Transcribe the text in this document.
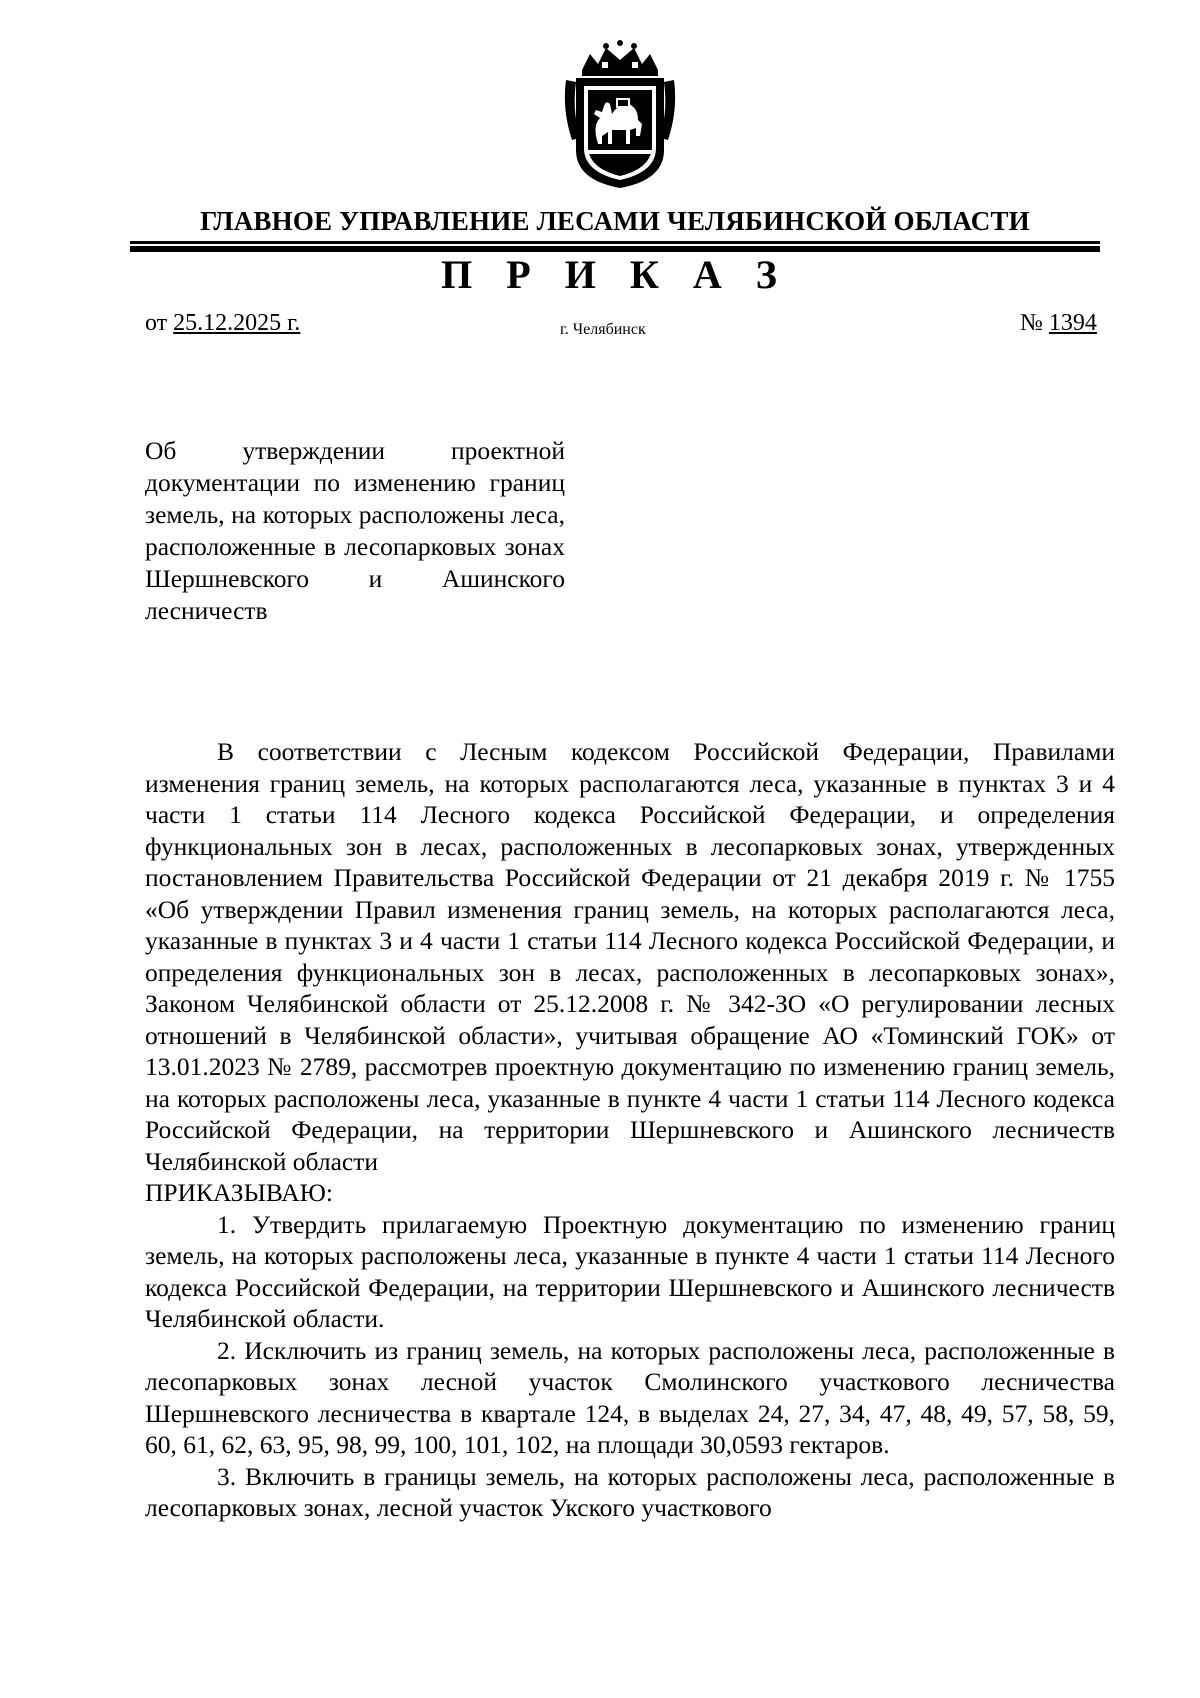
ГЛАВНОЕ УПРАВЛЕНИЕ ЛЕСАМИ ЧЕЛЯБИНСКОЙ ОБЛАСТИ
П Р И К А З
от 25.12.2025 г.	г. Челябинск	№ 1394
Об утверждении проектной документации по изменению границ земель, на которых расположены леса, расположенные в лесопарковых зонах Шершневского и Ашинского лесничеств

В соответствии с Лесным кодексом Российской Федерации, Правилами изменения границ земель, на которых располагаются леса, указанные в пунктах 3 и 4 части 1 статьи 114 Лесного кодекса Российской Федерации, и определения функциональных зон в лесах, расположенных в лесопарковых зонах, утвержденных постановлением Правительства Российской Федерации от 21 декабря 2019 г. № 1755 «Об утверждении Правил изменения границ земель, на которых располагаются леса, указанные в пунктах 3 и 4 части 1 статьи 114 Лесного кодекса Российской Федерации, и определения функциональных зон в лесах, расположенных в лесопарковых зонах», Законом Челябинской области от 25.12.2008 г. № 342-ЗО «О регулировании лесных отношений в Челябинской области», учитывая обращение АО «Томинский ГОК» от 13.01.2023 № 2789, рассмотрев проектную документацию по изменению границ земель, на которых расположены леса, указанные в пункте 4 части 1 статьи 114 Лесного кодекса Российской Федерации, на территории Шершневского и Ашинского лесничеств Челябинской области

ПРИКАЗЫВАЮ:

1. Утвердить прилагаемую Проектную документацию по изменению границ земель, на которых расположены леса, указанные в пункте 4 части 1 статьи 114 Лесного кодекса Российской Федерации, на территории Шершневского и Ашинского лесничеств Челябинской области.

2. Исключить из границ земель, на которых расположены леса, расположенные в лесопарковых зонах лесной участок Смолинского участкового лесничества Шершневского лесничества в квартале 124, в выделах 24, 27, 34, 47, 48, 49, 57, 58, 59, 60, 61, 62, 63, 95, 98, 99, 100, 101, 102, на площади 30,0593 гектаров.

3. Включить в границы земель, на которых расположены леса, расположенные в лесопарковых зонах, лесной участок Укского участкового
